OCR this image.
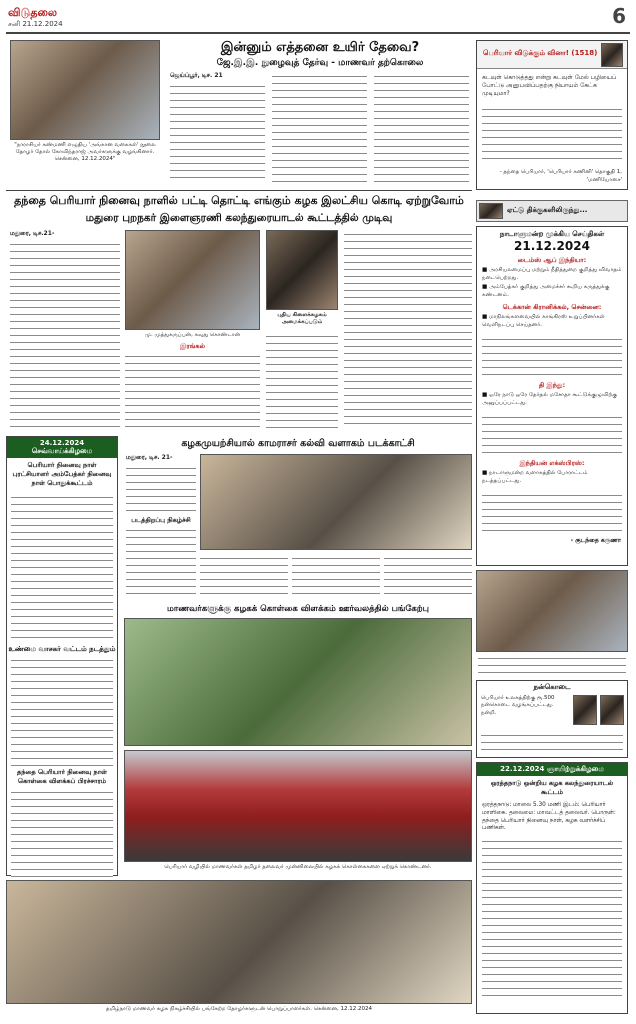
விடுதலை
சனி 21.12.2024	6
"நாராசியர் கண்மணி எழுதிய 'அங்கான வகைகள்' நூலை தோழர் தோல் கோவிந்தராஜ் அவர்களுக்கு வழங்கினார். சென்னை, 12.12.2024"
இன்னும் எத்தனை உயிர் தேவை?
ஜே.இ.இ. நுழைவுத் தேர்வு - மாணவர் தற்கொலை
ஜெய்ப்பூர், டிச. 21
பெரியார் விடுக்கும் வினா! (1518)
கடவுள் கொடுத்தது என்று கடவுள் மேல் பழியைப் போட்டு அனுபவிப்பதற்கு நியாயம் கேட்க முடியுமா?
- தந்தை பெரியார், 'பெரியார் கணினி' தொகுதி 1, 'மணியோசை'
ஏட்டு திக்குகளிலிருந்து...
தந்தை பெரியார் நினைவு நாளில் பட்டி தொட்டி எங்கும் கழக இலட்சிய கொடி ஏற்றுவோம்
மதுரை புறநகர் இளைஞரணி கலந்துரையாடல் கூட்டத்தில் முடிவு
மதுரை, டிச.21-
மு. முத்துகருப்பன், கவுது கொண்டான்
இரங்கல்
புதிய கிளைக்கழகம் அமைக்கப்படும்
நாடாளுமன்ற முக்கிய செய்திகள்
21.12.2024
டைம்ஸ் ஆப் இந்தியா:
■ அரசியலமைப்பு மற்றும் நீதித்துறை குறித்து விவாதம் நடைபெற்றது.
■ அம்பேத்கர் குறித்து அமைச்சர் கூறிய கருத்துக்கு கண்டனம்.
டெக்கான் கிரானிக்கல், சென்னை:
■ மாநிலங்களவையில் காங்கிரஸ் உறுப்பினர்கள் வெளிநடப்பு செய்தனர்.
தி இந்து:
■ ஒரே நாடு ஒரே தேர்தல் மசோதா கூட்டுக்குழுவிற்கு அனுப்பப்பட்டது.
இந்தியன் எக்ஸ்பிரஸ்:
■ நாடாளுமன்ற வளாகத்தில் போராட்டம் நடத்தப்பட்டது.
- குடந்தை கருணா
24.12.2024 செவ்வாய்க்கிழமை
பெரியார் நினைவு நாள் புரட்சியாளர் அம்பேத்கர் நினைவு நாள் பொதுக்கூட்டம்
உண்மை வாசகர் வட்டம் நடத்தும்
தந்தை பெரியார் நினைவு நாள் கொள்கை விளக்கப் பிரச்சாரம்
கழகமுயற்சியால் காமராசர் கல்வி வளாகம் படக்காட்சி
மதுரை, டிச. 21-
படத்திறப்பு நிகழ்ச்சி
நன்கொடை
பெரியார் உலகத்திற்கு ரூ.500 நன்கொடை வழங்கப்பட்டது. நன்றி.
மாணவர்களுக்கு கழகக் கொள்கை விளக்கம் ஊர்வலத்தில் பங்கேற்பு
பெரியார் வழியில் மாணவர்கள் தமிழர் தலைவர் முன்னிலையில் கழகக் கொள்கைகளை ஏற்றுக் கொண்டனர்.
22.12.2024 ஞாயிற்றுக்கிழமை
ஒரத்தநாடு ஒன்றிய கழக கலந்துரையாடல் கூட்டம்
ஒரத்தநாடு: மாலை 5.30 மணி இடம்: பெரியார் மாளிகை. தலைமை: மாவட்டத் தலைவர். பொருள்: தந்தை பெரியார் நினைவு நாள், கழக வளர்ச்சிப் பணிகள்.
தமிழ்நாடு மாணவர் கழக நிகழ்ச்சியில் பங்கேற்ற தோழர்களுடன் பொறுப்பாளர்கள். சென்னை, 12.12.2024
